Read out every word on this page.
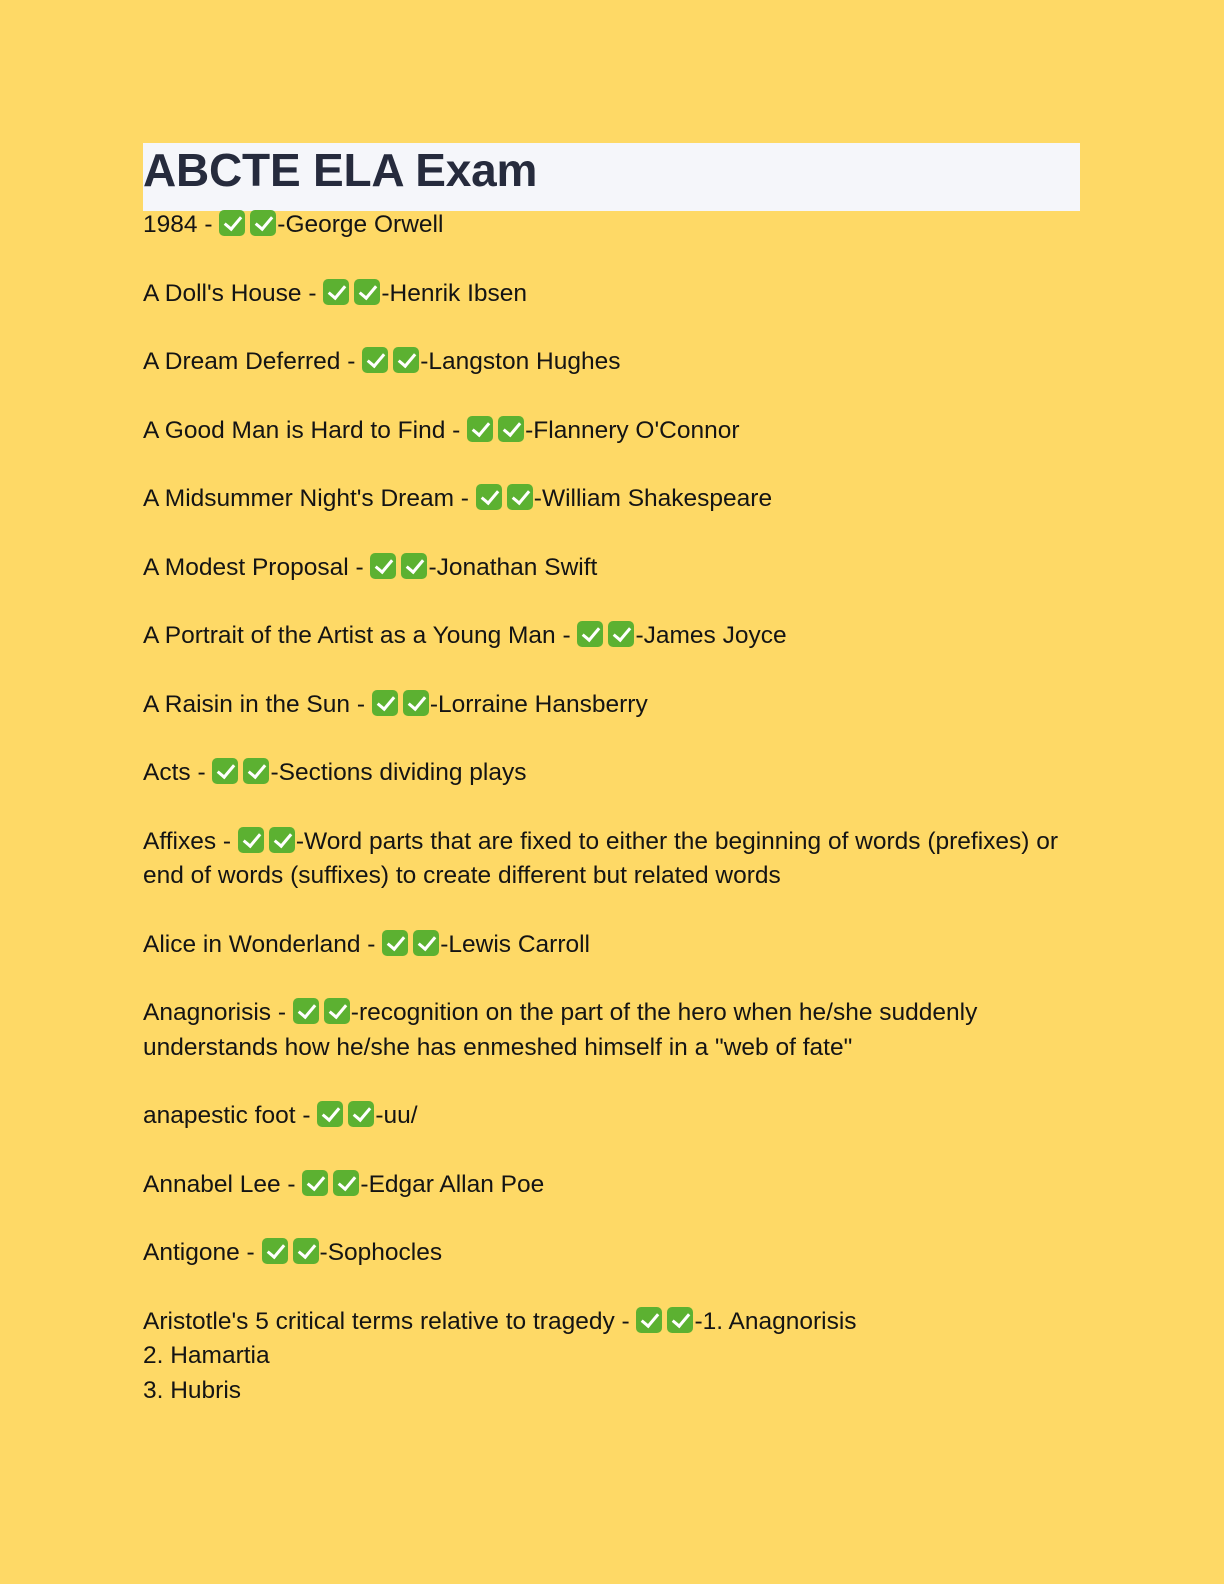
ABCTE ELA Exam
1984 - -George Orwell
A Doll's House - -Henrik Ibsen
A Dream Deferred - -Langston Hughes
A Good Man is Hard to Find - -Flannery O'Connor
A Midsummer Night's Dream - -William Shakespeare
A Modest Proposal - -Jonathan Swift
A Portrait of the Artist as a Young Man - -James Joyce
A Raisin in the Sun - -Lorraine Hansberry
Acts - -Sections dividing plays
Affixes - -Word parts that are fixed to either the beginning of words (prefixes) or end of words (suffixes) to create different but related words
Alice in Wonderland - -Lewis Carroll
Anagnorisis - -recognition on the part of the hero when he/she suddenly understands how he/she has enmeshed himself in a "web of fate"
anapestic foot - -uu/
Annabel Lee - -Edgar Allan Poe
Antigone - -Sophocles
Aristotle's 5 critical terms relative to tragedy - -1. Anagnorisis
2. Hamartia
3. Hubris
